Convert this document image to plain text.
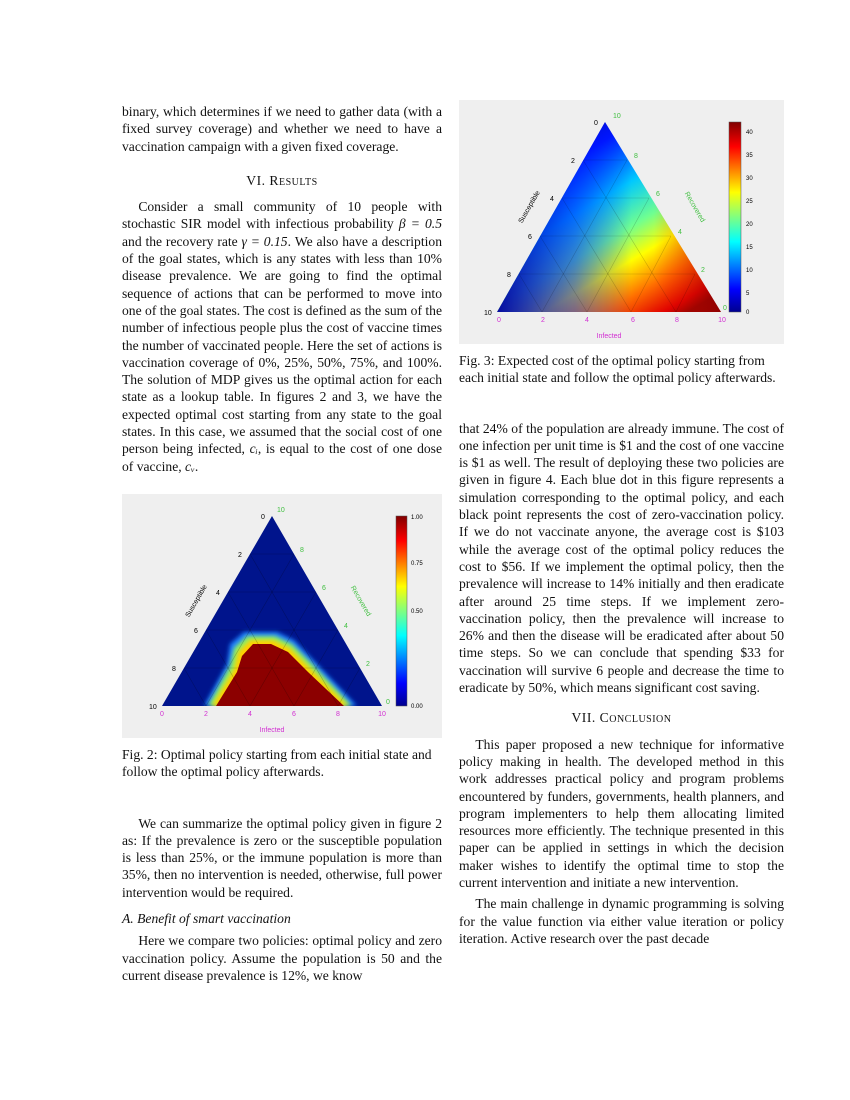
binary, which determines if we need to gather data (with a fixed survey coverage) and whether we need to have a vaccination campaign with a given fixed coverage.

VI. Results

Consider a small community of 10 people with stochastic SIR model with infectious probability β = 0.5 and the recovery rate γ = 0.15. We also have a description of the goal states, which is any states with less than 10% disease prevalence. We are going to find the optimal sequence of actions that can be performed to move into one of the goal states. The cost is defined as the sum of the number of infectious people plus the cost of vaccine times the number of vaccinated people. Here the set of actions is vaccination coverage of 0%, 25%, 50%, 75%, and 100%. The solution of MDP gives us the optimal action for each state as a lookup table. In figures 2 and 3, we have the expected optimal cost starting from any state to the goal states. In this case, we assumed that the social cost of one person being infected, cᵢ, is equal to the cost of one dose of vaccine, cᵥ.

0
2
4
6
8
10
10
8
6
4
2
0
0	2	4	6	8	10
Infected
Susceptible	Recovered
1.00
0.75
0.50
0.00

Fig. 2: Optimal policy starting from each initial state and follow the optimal policy afterwards.

We can summarize the optimal policy given in figure 2 as: If the prevalence is zero or the susceptible population is less than 25%, or the immune population is more than 35%, then no intervention is needed, otherwise, full power intervention would be required.

A. Benefit of smart vaccination

Here we compare two policies: optimal policy and zero vaccination policy. Assume the population is 50 and the current disease prevalence is 12%, we know

0
2
4
6
8
10
10
8
6
4
2
0
0	2	4	6	8	10
Infected
Susceptible	Recovered
40
35
30
25
20
15
10
5
0

Fig. 3: Expected cost of the optimal policy starting from each initial state and follow the optimal policy afterwards.

that 24% of the population are already immune. The cost of one infection per unit time is $1 and the cost of one vaccine is $1 as well. The result of deploying these two policies are given in figure 4. Each blue dot in this figure represents a simulation corresponding to the optimal policy, and each black point represents the cost of zero-vaccination policy. If we do not vaccinate anyone, the average cost is $103 while the average cost of the optimal policy reduces the cost to $56. If we implement the optimal policy, then the prevalence will increase to 14% initially and then eradicate after around 25 time steps. If we implement zero-vaccination policy, then the prevalence will increase to 26% and then the disease will be eradicated after about 50 time steps. So we can conclude that spending $33 for vaccination will survive 6 people and decrease the time to eradicate by 50%, which means significant cost saving.

VII. Conclusion

This paper proposed a new technique for informative policy making in health. The developed method in this work addresses practical policy and program problems encountered by funders, governments, health planners, and program implementers to help them allocating limited resources more efficiently. The technique presented in this paper can be applied in settings in which the decision maker wishes to identify the optimal time to stop the current intervention and initiate a new intervention.

The main challenge in dynamic programming is solving for the value function via either value iteration or policy iteration. Active research over the past decade
